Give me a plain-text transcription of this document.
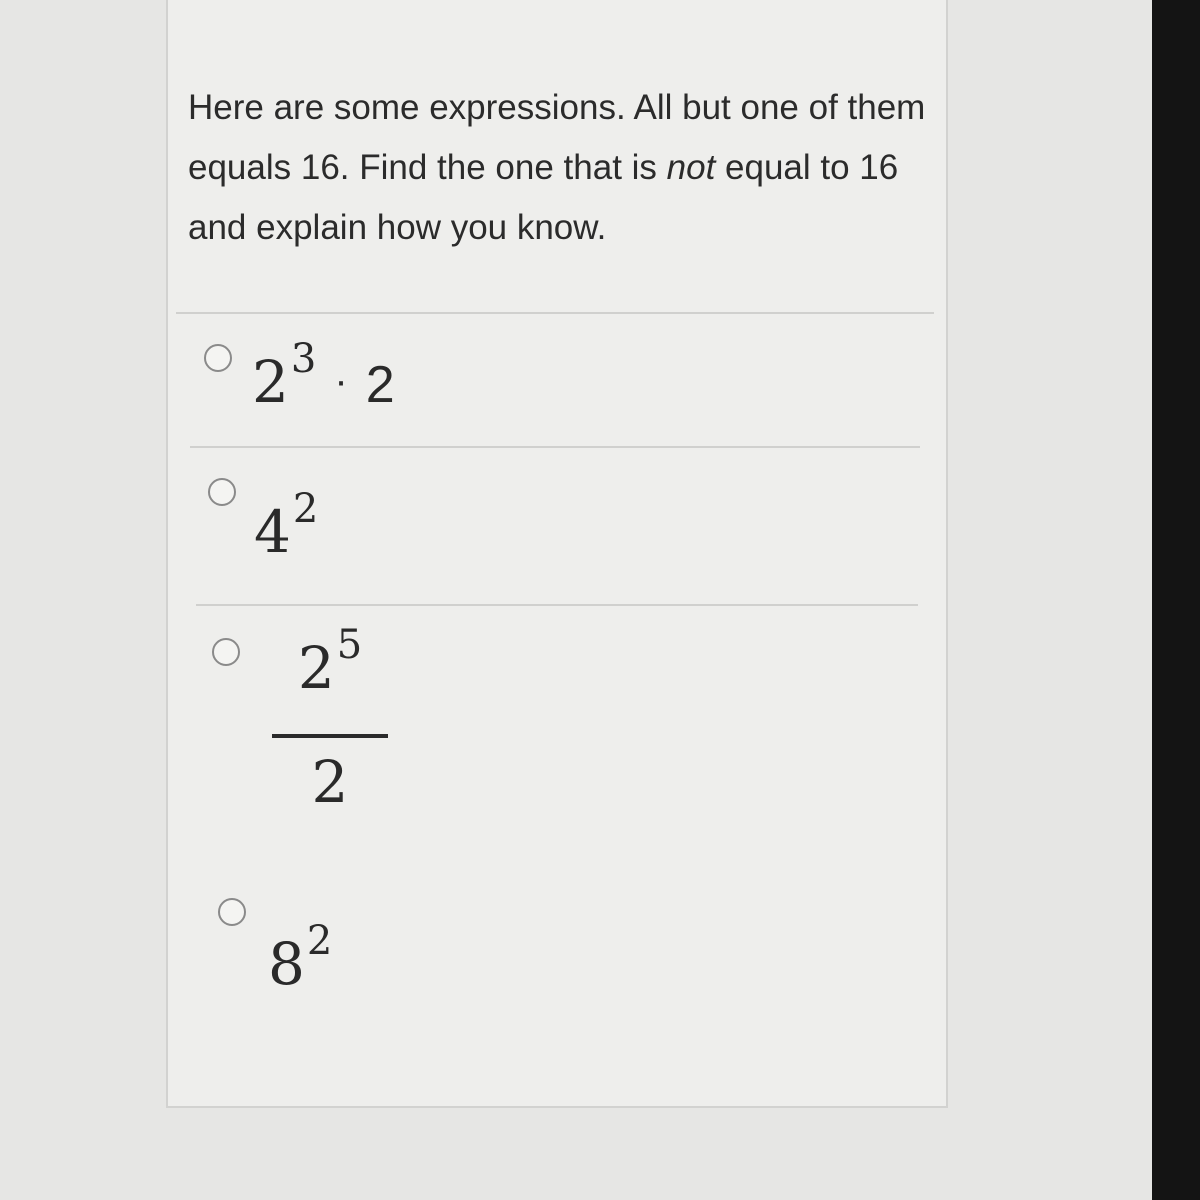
Here are some expressions. All but one of them equals 16. Find the one that is not equal to 16 and explain how you know.

23 · 2
42
25
2
82
